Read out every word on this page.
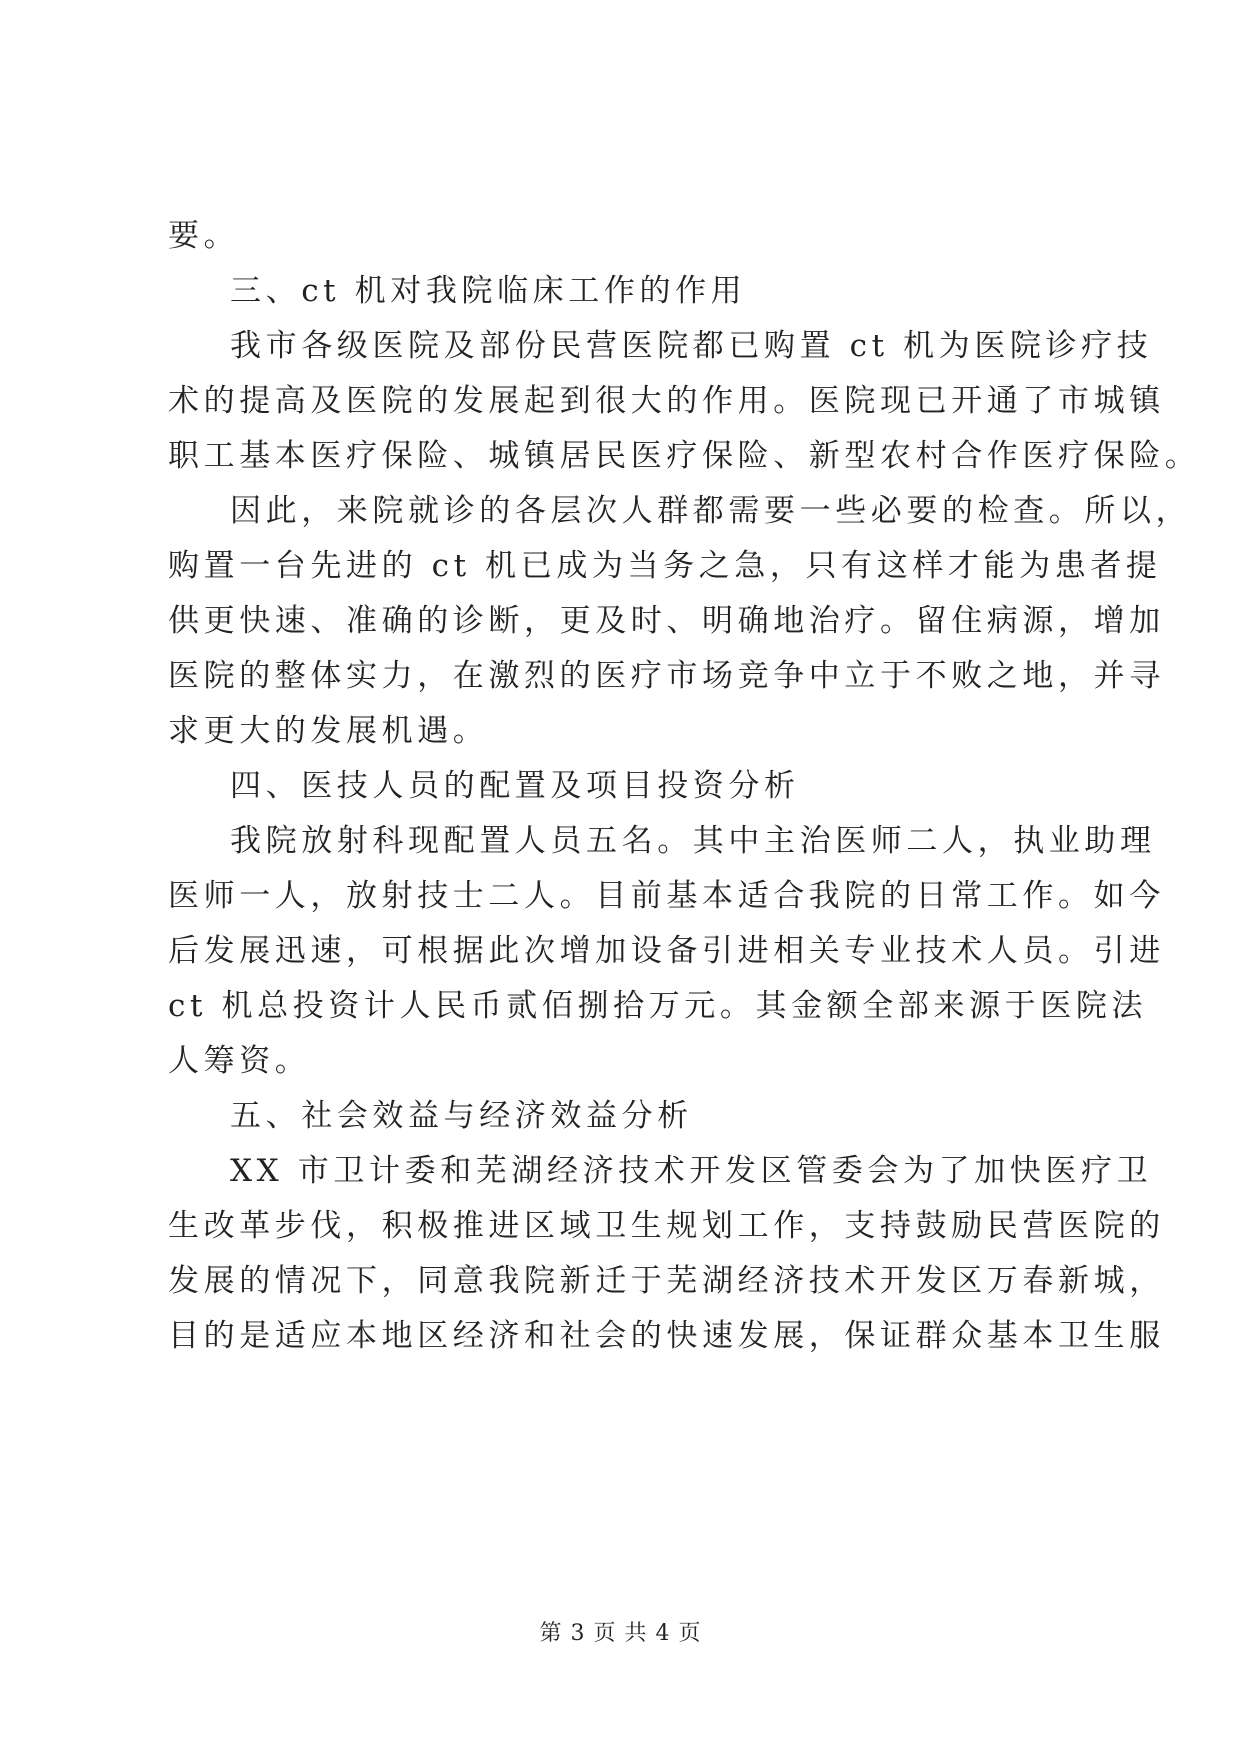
要。
三、ct 机对我院临床工作的作用
我市各级医院及部份民营医院都已购置 ct 机为医院诊疗技
术的提高及医院的发展起到很大的作用。医院现已开通了市城镇
职工基本医疗保险、城镇居民医疗保险、新型农村合作医疗保险。
因此，来院就诊的各层次人群都需要一些必要的检查。所以，
购置一台先进的 ct 机已成为当务之急，只有这样才能为患者提
供更快速、准确的诊断，更及时、明确地治疗。留住病源，增加
医院的整体实力，在激烈的医疗市场竞争中立于不败之地，并寻
求更大的发展机遇。
四、医技人员的配置及项目投资分析
我院放射科现配置人员五名。其中主治医师二人，执业助理
医师一人，放射技士二人。目前基本适合我院的日常工作。如今
后发展迅速，可根据此次增加设备引进相关专业技术人员。引进
ct 机总投资计人民币贰佰捌拾万元。其金额全部来源于医院法
人筹资。
五、社会效益与经济效益分析
XX 市卫计委和芜湖经济技术开发区管委会为了加快医疗卫
生改革步伐，积极推进区域卫生规划工作，支持鼓励民营医院的
发展的情况下，同意我院新迁于芜湖经济技术开发区万春新城，
目的是适应本地区经济和社会的快速发展，保证群众基本卫生服
第 3 页 共 4 页
